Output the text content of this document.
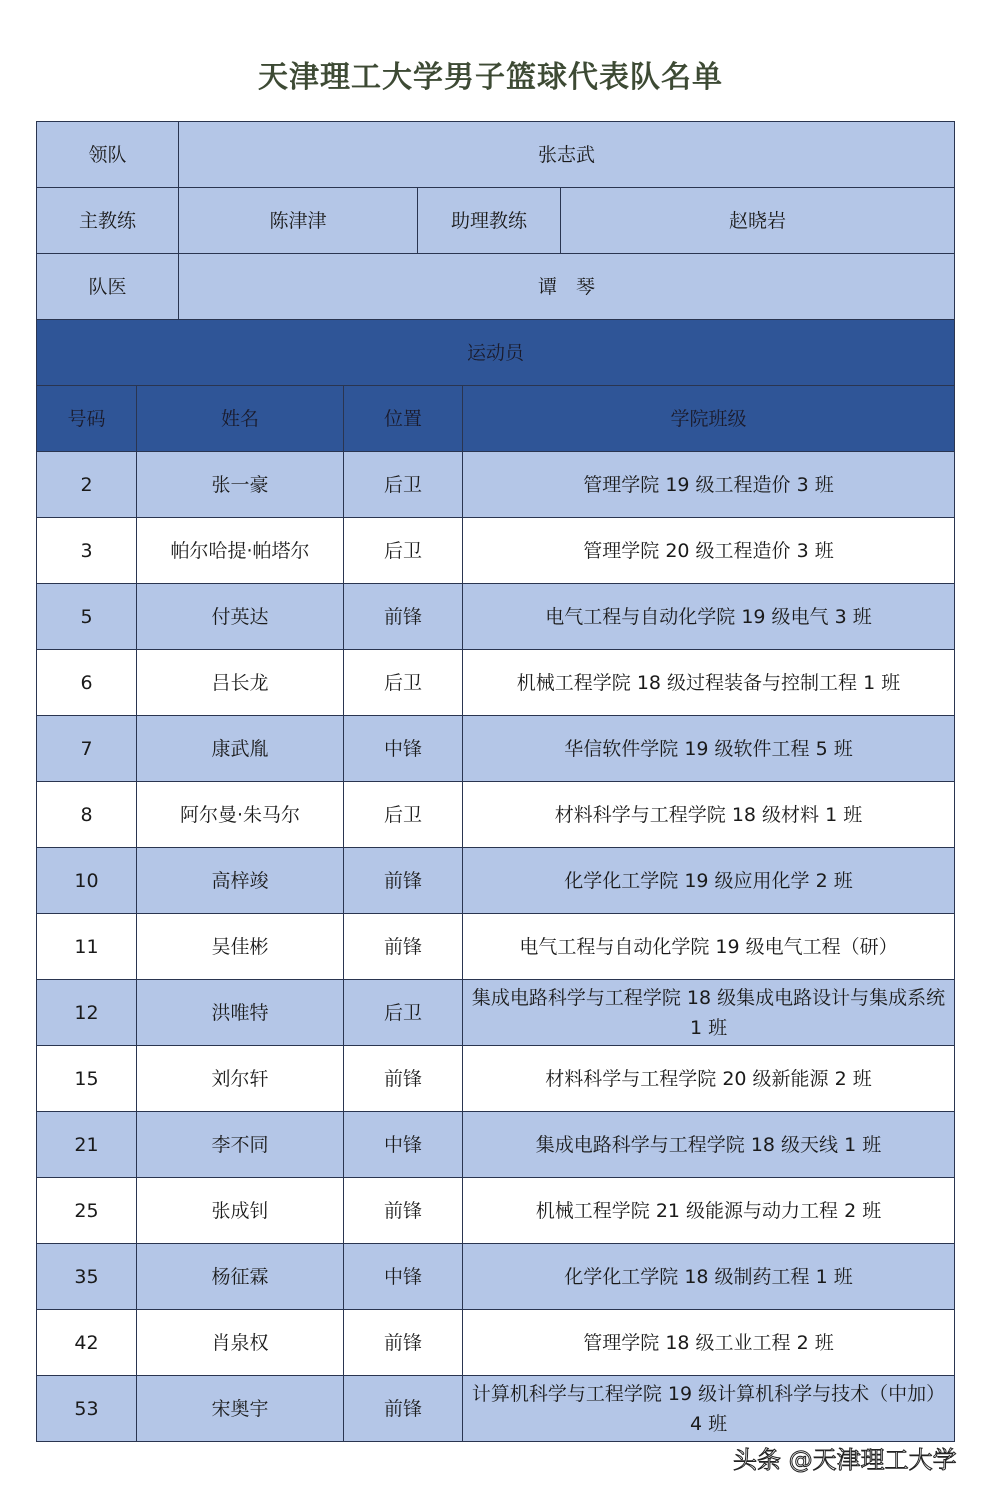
天津理工大学男子篮球代表队名单
领队		张志武				
主教练		陈津津		助理教练		赵晓岩
队医		谭　琴				
运动员						
号码	姓名		位置		学院班级	
2	张一豪		后卫		管理学院 19 级工程造价 3 班	
3	帕尔哈提·帕塔尔		后卫		管理学院 20 级工程造价 3 班	
5	付英达		前锋		电气工程与自动化学院 19 级电气 3 班	
6	吕长龙		后卫		机械工程学院 18 级过程装备与控制工程 1 班	
7	康武胤		中锋		华信软件学院 19 级软件工程 5 班	
8	阿尔曼·朱马尔		后卫		材料科学与工程学院 18 级材料 1 班	
10	高梓竣		前锋		化学化工学院 19 级应用化学 2 班	
11	吴佳彬		前锋		电气工程与自动化学院 19 级电气工程（研）	
12	洪唯特		后卫		集成电路科学与工程学院 18 级集成电路设计与集成系统 1 班	
15	刘尔轩		前锋		材料科学与工程学院 20 级新能源 2 班	
21	李不同		中锋		集成电路科学与工程学院 18 级天线 1 班	
25	张成钊		前锋		机械工程学院 21 级能源与动力工程 2 班	
35	杨征霖		中锋		化学化工学院 18 级制药工程 1 班	
42	肖泉权		前锋		管理学院 18 级工业工程 2 班	
53	宋奥宇		前锋		计算机科学与工程学院 19 级计算机科学与技术（中加）4 班	
头条 @天津理工大学
